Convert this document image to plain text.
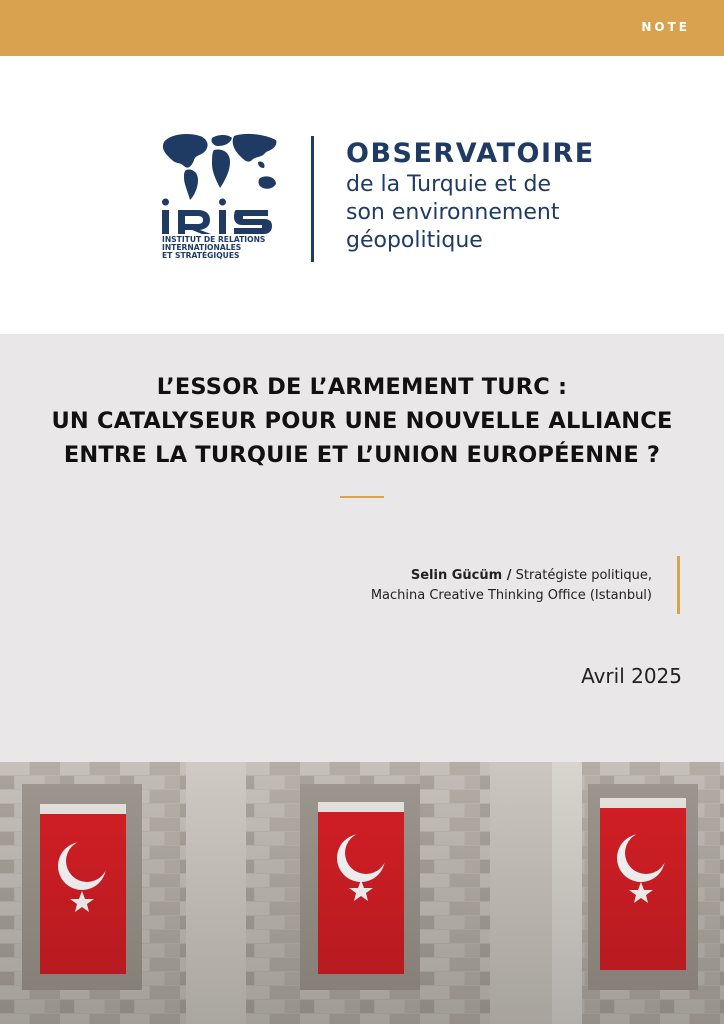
NOTE
INSTITUT DE RELATIONS
INTERNATIONALES
ET STRATÉGIQUES
OBSERVATOIRE
de la Turquie et de
son environnement
géopolitique
L’ESSOR DE L’ARMEMENT TURC :
UN CATALYSEUR POUR UNE NOUVELLE ALLIANCE
ENTRE LA TURQUIE ET L’UNION EUROPÉENNE ?
Selin Gücüm / Stratégiste politique,
Machina Creative Thinking Office (Istanbul)
Avril 2025
